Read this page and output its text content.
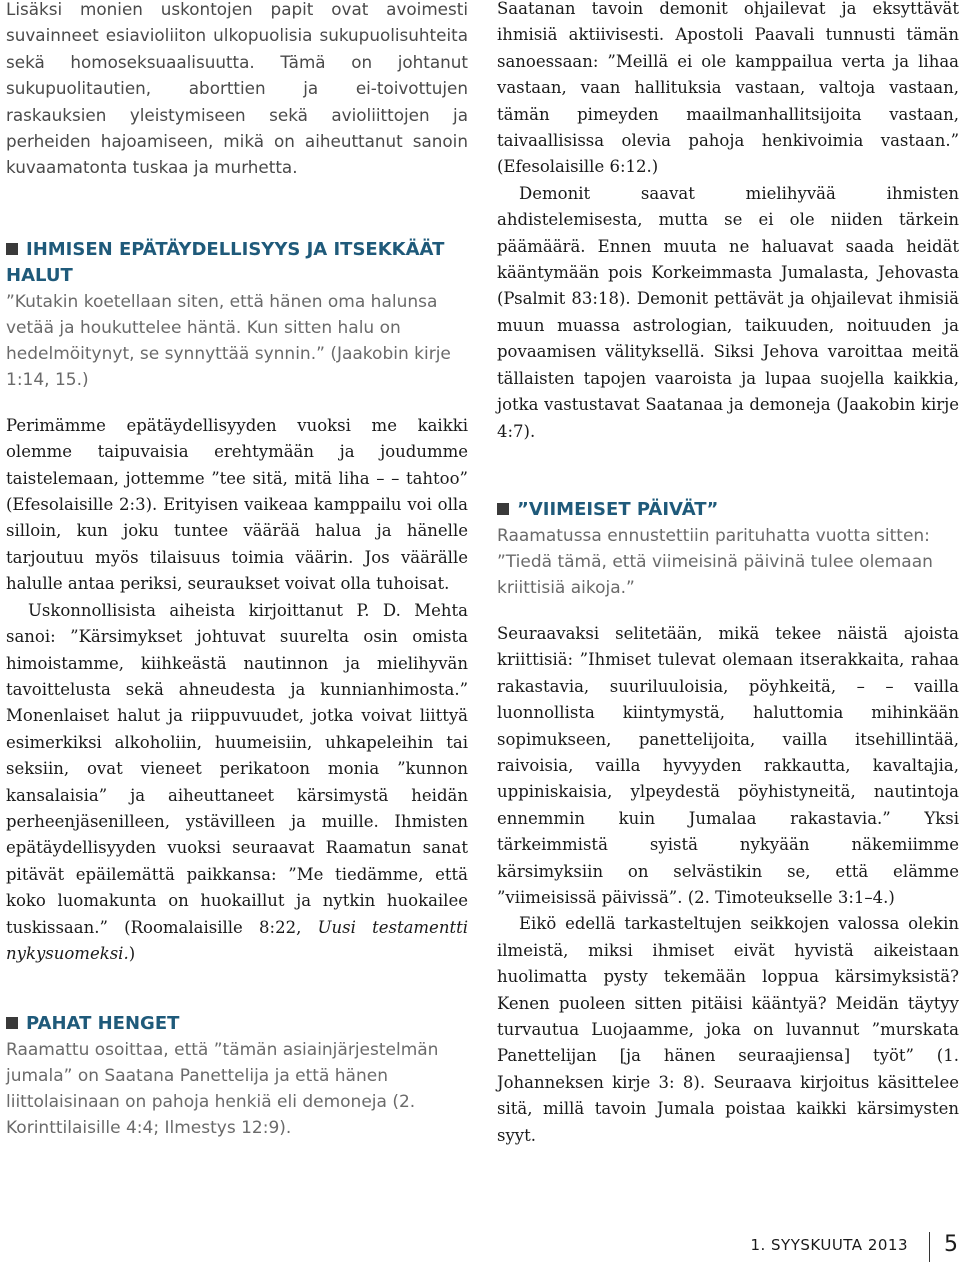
Lisäksi monien uskontojen papit ovat avoimesti suvainneet esiavioliiton ulkopuolisia sukupuolisuhteita sekä homoseksuaalisuutta. Tämä on johtanut sukupuolitautien, aborttien ja ei-toivottujen raskauksien yleistymiseen sekä avioliittojen ja perheiden hajoamiseen, mikä on aiheuttanut sanoin kuvaamatonta tuskaa ja murhetta.

IHMISEN EPÄTÄYDELLISYYS JA ITSEKKÄÄT HALUT

”Kutakin koetellaan siten, että hänen oma halunsa vetää ja houkuttelee häntä. Kun sitten halu on hedelmöitynyt, se synnyttää synnin.” (Jaakobin kirje 1:14, 15.)

Perimämme epätäydellisyyden vuoksi me kaikki olemme taipuvaisia erehtymään ja joudumme taistelemaan, jottemme ”tee sitä, mitä liha – – tahtoo” (Efesolaisille 2:3). Erityisen vaikeaa kamppailu voi olla silloin, kun joku tuntee väärää halua ja hänelle tarjoutuu myös tilaisuus toimia väärin. Jos väärälle halulle antaa periksi, seuraukset voivat olla tuhoisat.

Uskonnollisista aiheista kirjoittanut P. D. Mehta sanoi: ”Kärsimykset johtuvat suurelta osin omista himoistamme, kiihkeästä nautinnon ja mielihyvän tavoittelusta sekä ahneudesta ja kunnianhimosta.” Monenlaiset halut ja riippuvuudet, jotka voivat liittyä esimerkiksi alkoholiin, huumeisiin, uhkapeleihin tai seksiin, ovat vieneet perikatoon monia ”kunnon kansalaisia” ja aiheuttaneet kärsimystä heidän perheenjäsenilleen, ystävilleen ja muille. Ihmisten epätäydellisyyden vuoksi seuraavat Raamatun sanat pitävät epäilemättä paikkansa: ”Me tiedämme, että koko luomakunta on huokaillut ja nytkin huokailee tuskissaan.” (Roomalaisille 8:22, Uusi testamentti nykysuomeksi.)

PAHAT HENGET

Raamattu osoittaa, että ”tämän asiainjärjestelmän jumala” on Saatana Panettelija ja että hänen liittolaisinaan on pahoja henkiä eli demoneja (2. Korinttilaisille 4:4; Ilmestys 12:9).

Saatanan tavoin demonit ohjailevat ja eksyttävät ihmisiä aktiivisesti. Apostoli Paavali tunnusti tämän sanoessaan: ”Meillä ei ole kamppailua verta ja lihaa vastaan, vaan hallituksia vastaan, valtoja vastaan, tämän pimeyden maailmanhallitsijoita vastaan, taivaallisissa olevia pahoja henkivoimia vastaan.” (Efesolaisille 6:12.)

Demonit saavat mielihyvää ihmisten ahdistelemisesta, mutta se ei ole niiden tärkein päämäärä. Ennen muuta ne haluavat saada heidät kääntymään pois Korkeimmasta Jumalasta, Jehovasta (Psalmit 83:18). Demonit pettävät ja ohjailevat ihmisiä muun muassa astrologian, taikuuden, noituuden ja povaamisen välityksellä. Siksi Jehova varoittaa meitä tällaisten tapojen vaaroista ja lupaa suojella kaikkia, jotka vastustavat Saatanaa ja demoneja (Jaakobin kirje 4:7).

”VIIMEISET PÄIVÄT”

Raamatussa ennustettiin parituhatta vuotta sitten: ”Tiedä tämä, että viimeisinä päivinä tulee olemaan kriittisiä aikoja.”

Seuraavaksi selitetään, mikä tekee näistä ajoista kriittisiä: ”Ihmiset tulevat olemaan itserakkaita, rahaa rakastavia, suuriluuloisia, pöyhkeitä, – – vailla luonnollista kiintymystä, haluttomia mihinkään sopimukseen, panettelijoita, vailla itsehillintää, raivoisia, vailla hyvyyden rakkautta, kavaltajia, uppiniskaisia, ylpeydestä pöyhistyneitä, nautintoja ennemmin kuin Jumalaa rakastavia.” Yksi tärkeimmistä syistä nykyään näkemiimme kärsimyksiin on selvästikin se, että elämme ”viimeisissä päivissä”. (2. Timoteukselle 3:1–4.)

Eikö edellä tarkasteltujen seikkojen valossa olekin ilmeistä, miksi ihmiset eivät hyvistä aikeistaan huolimatta pysty tekemään loppua kärsimyksistä? Kenen puoleen sitten pitäisi kääntyä? Meidän täytyy turvautua Luojaamme, joka on luvannut ”murskata Panettelijan [ja hänen seuraajiensa] työt” (1. Johanneksen kirje 3: 8). Seuraava kirjoitus käsittelee sitä, millä tavoin Jumala poistaa kaikki kärsimysten syyt.

1. SYYSKUUTA 2013 5
